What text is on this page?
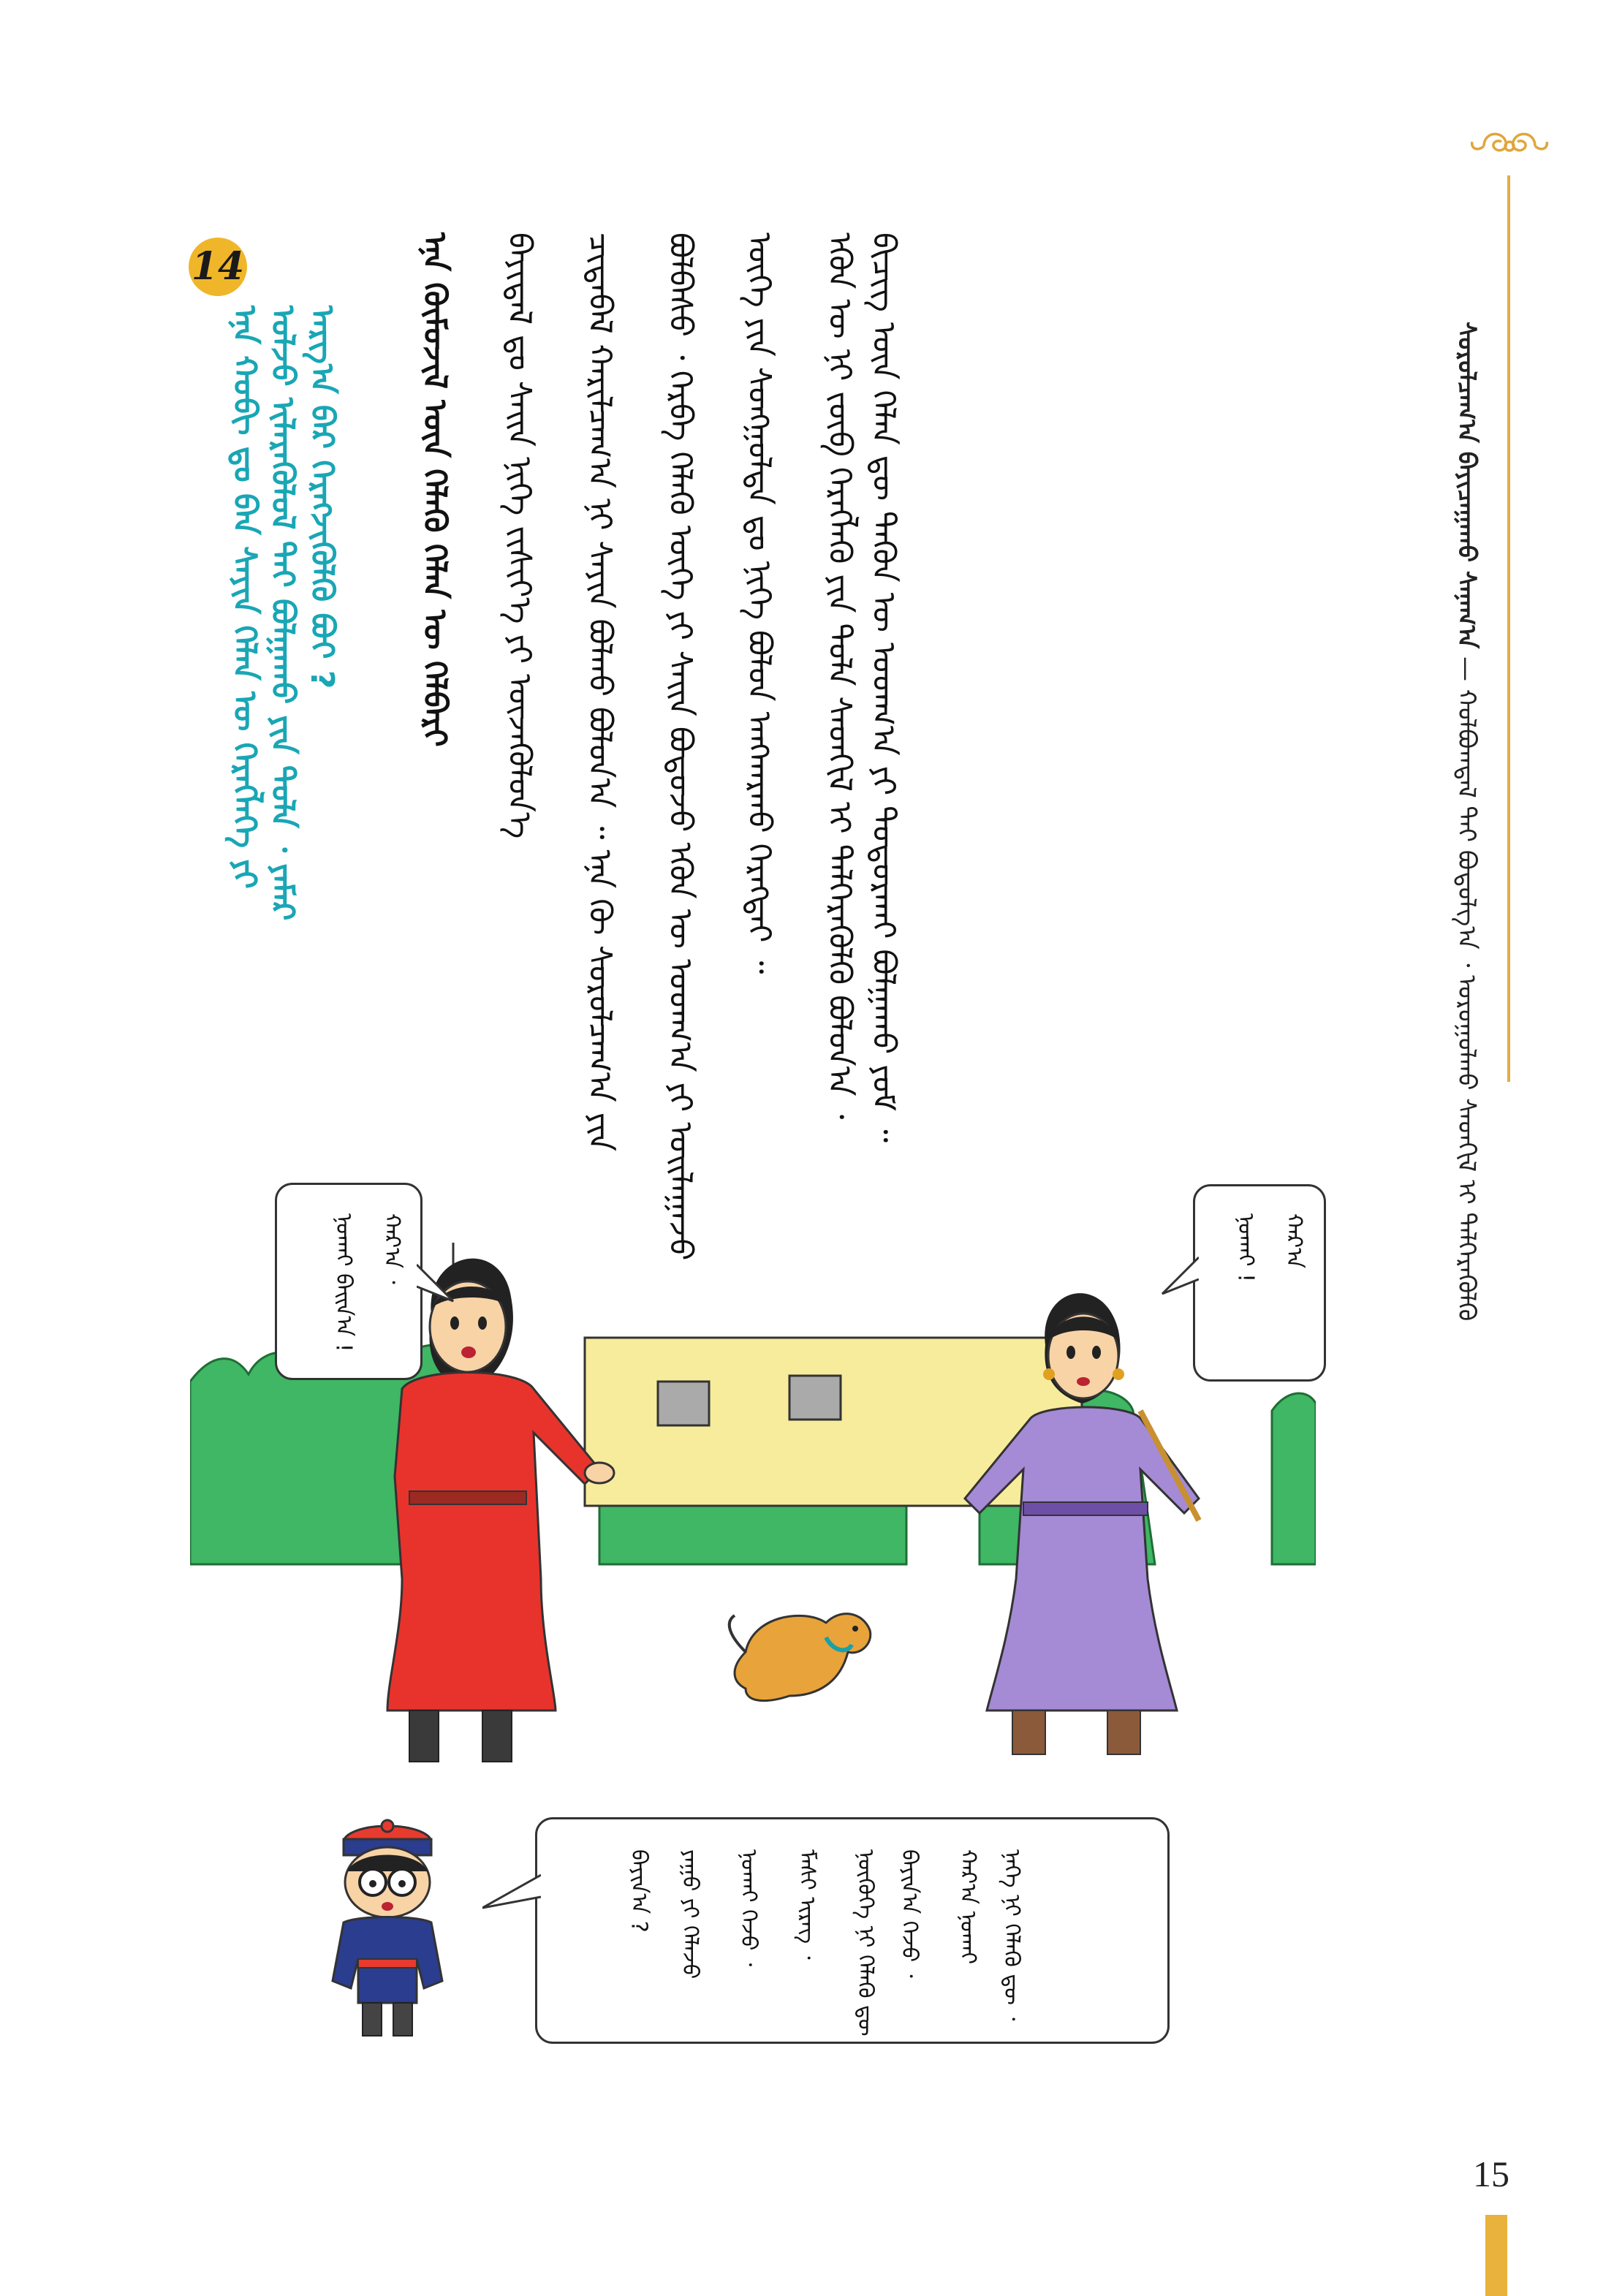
ᠰᠤᠷᠤᠯᠴᠠᠭ᠎ᠠ ᠪᠠᠶᠢᠴᠠᠭᠠᠬᠤ ᠰᠠᠨᠠᠭ᠎ᠠ — ᠬᠣᠯᠪᠣᠭᠳᠠᠯ ᠲᠠᠶ ᠪᠣᠳᠣᠯᠭ᠎ᠠ ᠂ ᠤᠷᠤᠭᠤᠯᠬᠤ ᠰᠡᠳᠬᠢᠯ ᠢ ᠲᠡᠯᠭᠡᠷᠡᠭᠦᠯᠬᠦ
ᠪᠢᠴᠢᠭ ᠦᠨ ᠬᠡᠯᠡᠨ ᠳᠦ ᠲᠡᠭᠦᠨ ᠦ ᠤᠳᠬ᠎ᠠ ᠶᠢ ᠲᠣᠳᠣᠷᠬᠠᠢ ᠪᠣᠯᠭᠠᠬᠤ ᠶᠤᠮ ᠃
ᠡᠭᠦᠨ ᠦ ᠨᠢ ᠵᠦᠪ ᠬᠡᠷᠡᠭᠯᠡᠬᠦ ᠶᠢᠨ ᠲᠤᠯᠠ ᠰᠡᠳᠬᠢᠯ ᠢ ᠲᠡᠯᠭᠡᠷᠡᠭᠦᠯᠬᠦ ᠪᠣᠯᠤᠨ᠎ᠠ ᠂
ᠦᠭᠡ ᠶᠢᠨ ᠰᠣᠩᠭᠣᠯᠲᠠ ᠳᠤ ᠨᠢᠭᠡ ᠪᠣᠯᠤᠨ ᠠᠩᠬᠠᠷᠬᠤ ᠬᠡᠷᠡᠭᠲᠡᠢ ᠃
ᠪᠣᠯᠪᠠᠰᠤ ᠂ ᠬᠡᠷᠪᠡ ᠬᠡᠯᠡᠬᠦ ᠦᠭᠡ ᠶᠢ ᠰᠠᠢᠨ ᠪᠣᠳᠣᠵᠤ ᠡᠭᠦᠨ ᠦ ᠤᠳᠬ᠎ᠠ ᠶᠢ ᠣᠢᠯᠠᠭᠠᠵᠤ
ᠴᠢᠳᠠᠪᠠᠯ ᠬᠠᠷᠢᠯᠴᠠᠭ᠎ᠠ ᠨᠢ ᠰᠠᠶᠢᠨ ᠪᠣᠯᠬᠤ ᠪᠣᠯᠤᠨ᠎ᠠ ᠃ ᠡᠨᠡ ᠬᠦ ᠰᠤᠷᠤᠯᠴᠠᠭ᠎ᠠ ᠶᠢᠨ
ᠪᠠᠶᠢᠳᠠᠯ ᠳᠤ ᠰᠠᠢᠨ ᠨᠢᠭᠡ ᠵᠢᠱᠢᠶ᠎ᠡ ᠶᠢ ᠦᠵᠡᠭᠦᠯᠦᠨ᠎ᠡ
ᠡᠨᠡ ᠬᠦᠮᠦᠵᠢᠯ ᠦᠨ ᠬᠡᠯᠡᠬᠦ ᠬᠡᠯᠡᠨ ᠦ ᠬᠡᠯᠪᠡᠷᠢ
14
ᠡᠨᠡ ᠬᠤᠪᠢ ᠳᠤ ᠪᠡᠨ ᠰᠠᠶᠢᠨ ᠬᠡᠯᠡᠨ ᠦ ᠬᠡᠷᠡᠭᠯᠡᠭᠡ ᠶᠢ ᠣᠯᠵᠤ ᠢᠯᠡᠷᠡᠭᠦᠯᠦᠯ ᠲᠡᠢ ᠪᠣᠯᠭᠠᠬᠤ ᠶᠢᠨ ᠲᠤᠯᠠ ᠂ ᠶᠠᠮᠠᠷ ᠠᠷᠭ᠎ᠠ ᠪᠠᠷ ᠬᠡᠷᠡᠭᠵᠢᠭᠦᠯᠬᠦ ᠪᠤᠢ ?
ᠬᠠᠷ᠎ᠠ ᠂
ᠨᠣᠬᠠᠢ ᠪᠠᠢᠨ᠎ᠠ !	ᠬᠠᠷ᠎ᠠ
ᠨᠣᠬᠠᠢ !
ᠨᠡᠭᠡ ᠨᠢ ᠬᠡᠯᠡᠬᠦ ᠳᠦ ᠂
ᠬᠠᠷ᠎ᠠ ᠨᠣᠬᠠᠢ
ᠪᠠᠶᠢᠨ᠎ᠠ ᠭᠡᠵᠦ ᠂
ᠨᠥᠭᠦᠭᠡ ᠨᠢ ᠬᠡᠯᠡᠬᠦ ᠳᠦ
ᠮᠠᠰᠢ ᠢᠷᠡᠭ ᠂
ᠨᠣᠬᠠᠢ ᠭᠡᠵᠦ ᠂
ᠶᠠᠭᠤ ᠶᠢ ᠬᠡᠯᠡᠵᠦ
ᠪᠠᠶᠢᠨ᠎ᠠ ?
15
